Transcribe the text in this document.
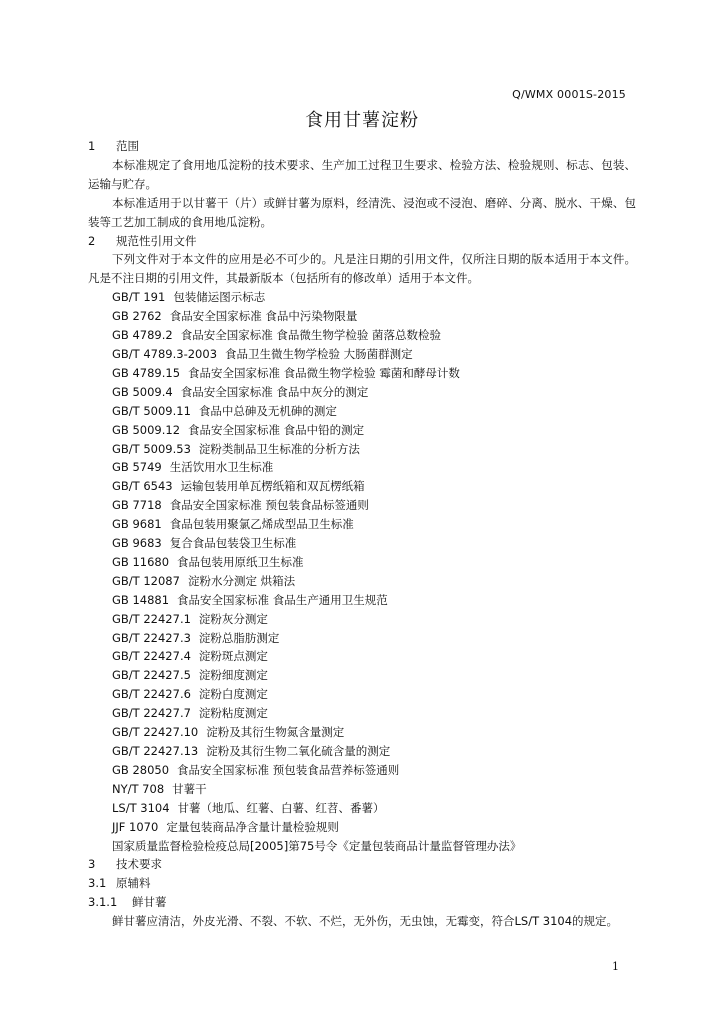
Q/WMX 0001S-2015
食用甘薯淀粉
1 范围
本标准规定了食用地瓜淀粉的技术要求、生产加工过程卫生要求、检验方法、检验规则、标志、包装、运输与贮存。
本标准适用于以甘薯干（片）或鲜甘薯为原料，经清洗、浸泡或不浸泡、磨碎、分离、脱水、干燥、包装等工艺加工制成的食用地瓜淀粉。
2 规范性引用文件
下列文件对于本文件的应用是必不可少的。凡是注日期的引用文件，仅所注日期的版本适用于本文件。凡是不注日期的引用文件，其最新版本（包括所有的修改单）适用于本文件。
GB/T 191 包装储运图示标志
GB 2762 食品安全国家标准 食品中污染物限量
GB 4789.2 食品安全国家标准 食品微生物学检验 菌落总数检验
GB/T 4789.3-2003 食品卫生微生物学检验 大肠菌群测定
GB 4789.15 食品安全国家标准 食品微生物学检验 霉菌和酵母计数
GB 5009.4 食品安全国家标准 食品中灰分的测定
GB/T 5009.11 食品中总砷及无机砷的测定
GB 5009.12 食品安全国家标准 食品中铅的测定
GB/T 5009.53 淀粉类制品卫生标准的分析方法
GB 5749 生活饮用水卫生标准
GB/T 6543 运输包装用单瓦楞纸箱和双瓦楞纸箱
GB 7718 食品安全国家标准 预包装食品标签通则
GB 9681 食品包装用聚氯乙烯成型品卫生标准
GB 9683 复合食品包装袋卫生标准
GB 11680 食品包装用原纸卫生标准
GB/T 12087 淀粉水分测定 烘箱法
GB 14881 食品安全国家标准 食品生产通用卫生规范
GB/T 22427.1 淀粉灰分测定
GB/T 22427.3 淀粉总脂肪测定
GB/T 22427.4 淀粉斑点测定
GB/T 22427.5 淀粉细度测定
GB/T 22427.6 淀粉白度测定
GB/T 22427.7 淀粉粘度测定
GB/T 22427.10 淀粉及其衍生物氮含量测定
GB/T 22427.13 淀粉及其衍生物二氧化硫含量的测定
GB 28050 食品安全国家标准 预包装食品营养标签通则
NY/T 708 甘薯干
LS/T 3104 甘薯（地瓜、红薯、白薯、红苕、番薯）
JJF 1070 定量包装商品净含量计量检验规则
国家质量监督检验检疫总局[2005]第75号令《定量包装商品计量监督管理办法》
3 技术要求
3.1 原辅料
3.1.1 鲜甘薯
鲜甘薯应清洁，外皮光滑、不裂、不软、不烂，无外伤，无虫蚀，无霉变，符合LS/T 3104的规定。
1
